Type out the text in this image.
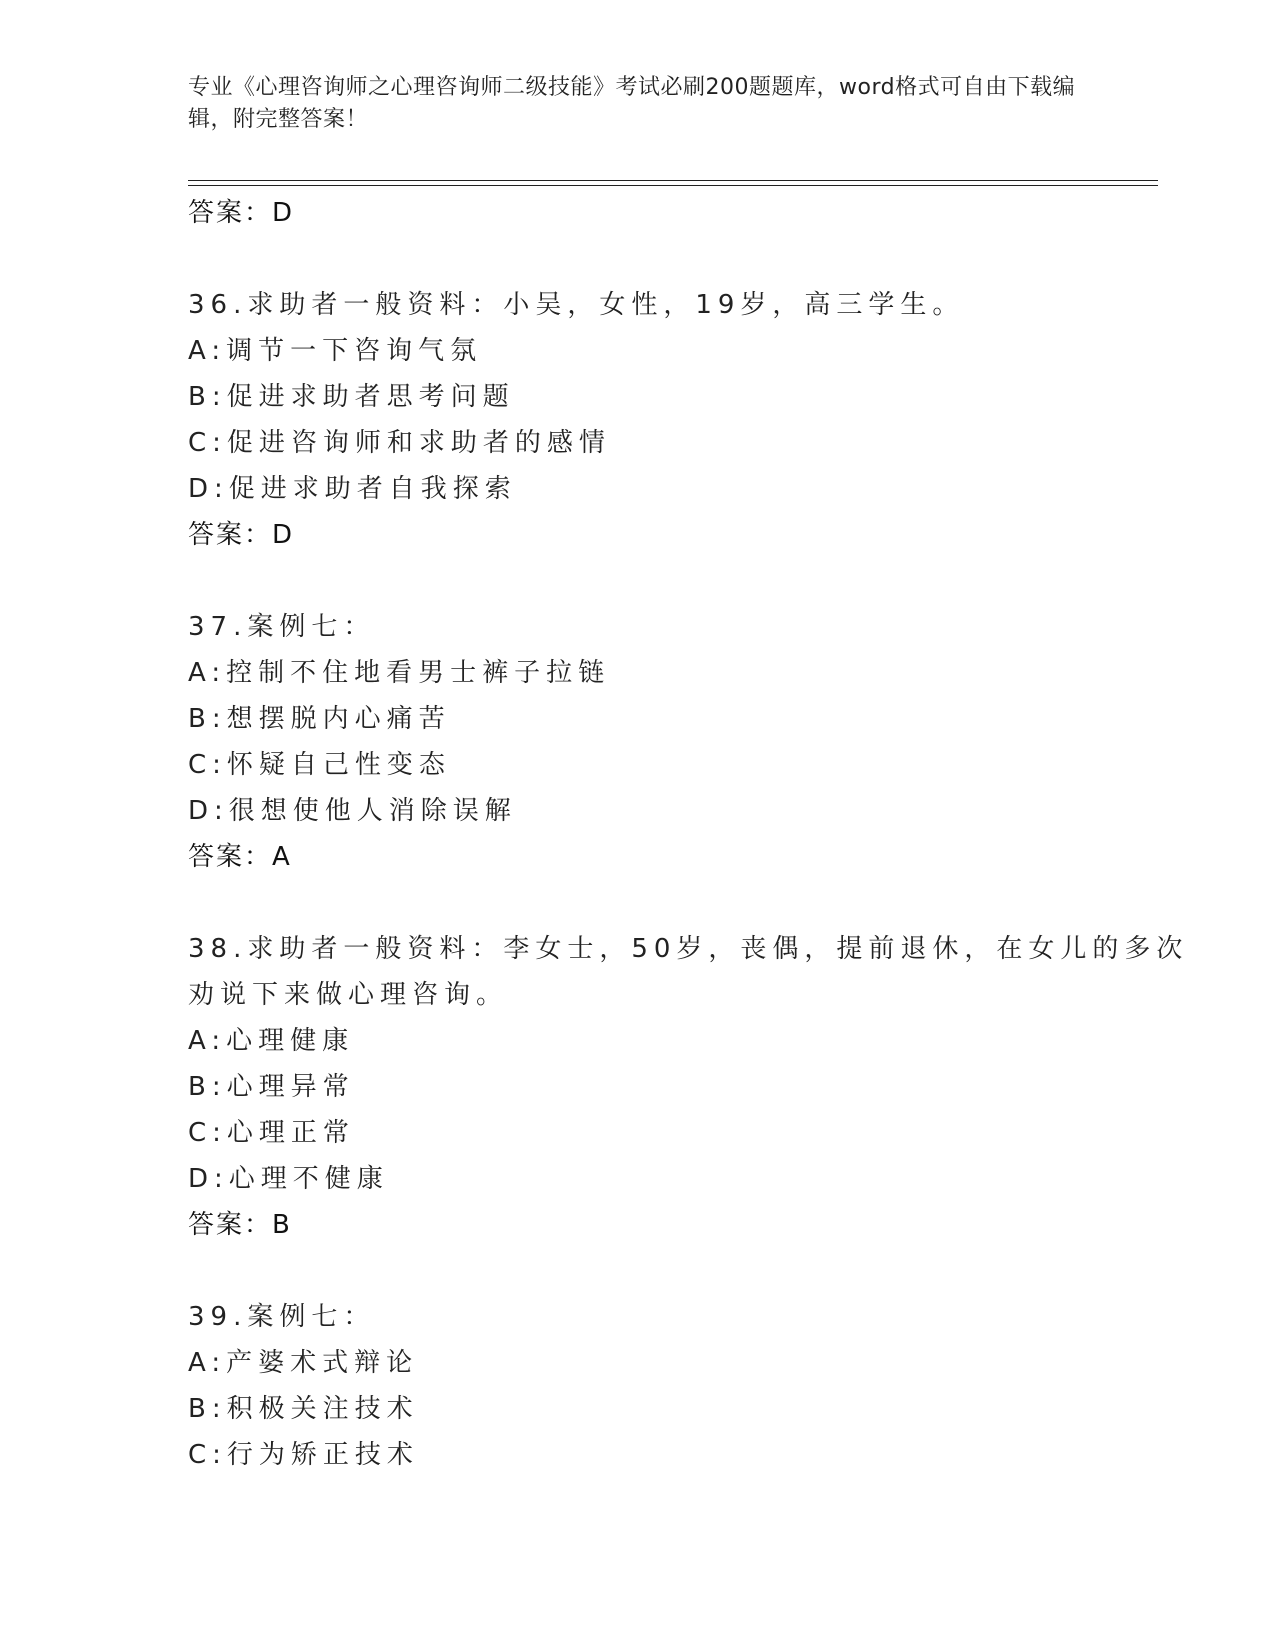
专业《心理咨询师之心理咨询师二级技能》考试必刷200题题库，word格式可自由下载编辑，附完整答案！
答案：D
36.求助者一般资料：小吴，女性，19岁，高三学生。
A:调节一下咨询气氛
B:促进求助者思考问题
C:促进咨询师和求助者的感情
D:促进求助者自我探索
答案：D
37.案例七：
A:控制不住地看男士裤子拉链
B:想摆脱内心痛苦
C:怀疑自己性变态
D:很想使他人消除误解
答案：A
38.求助者一般资料：李女士，50岁，丧偶，提前退休，在女儿的多次
劝说下来做心理咨询。
A:心理健康
B:心理异常
C:心理正常
D:心理不健康
答案：B
39.案例七：
A:产婆术式辩论
B:积极关注技术
C:行为矫正技术
